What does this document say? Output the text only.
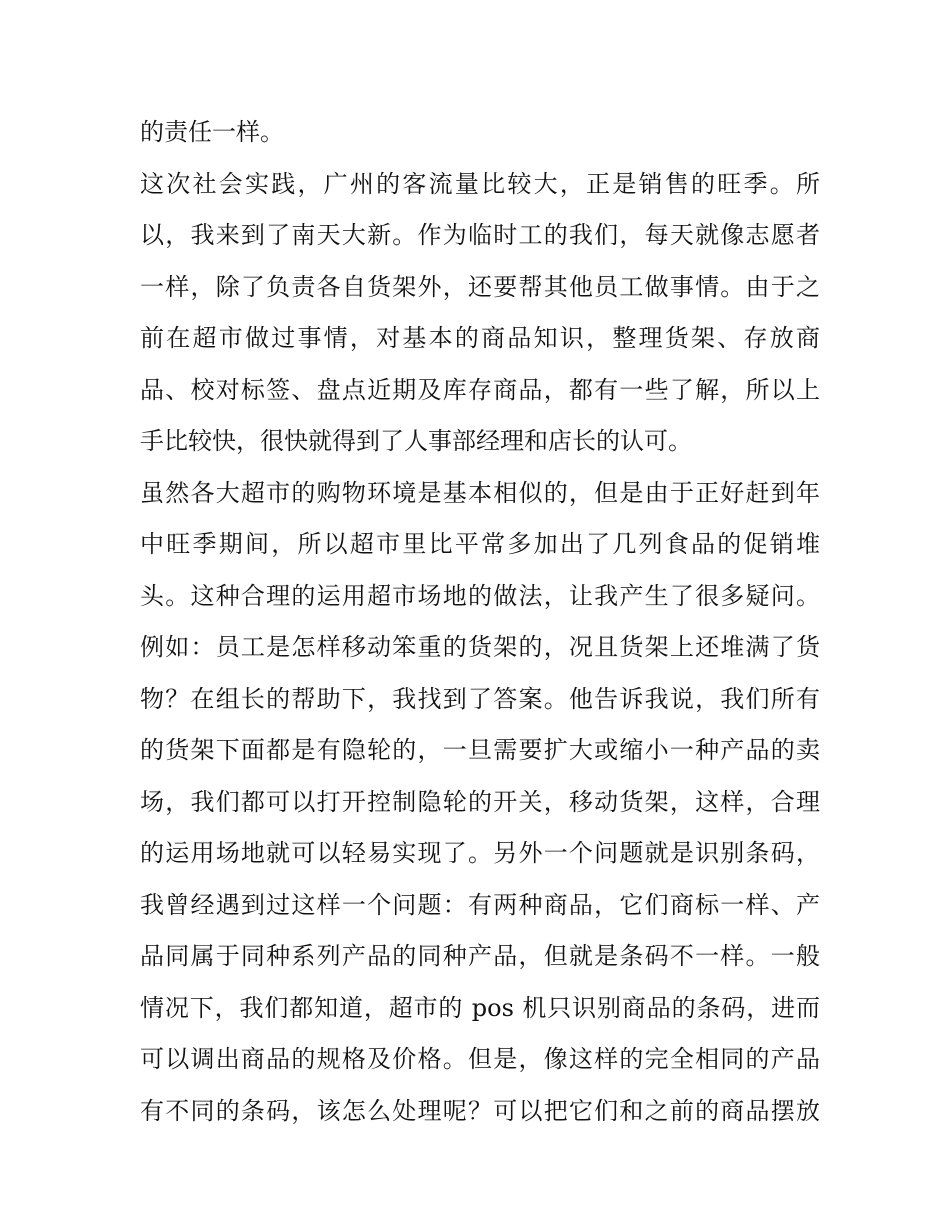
的责任一样。
这次社会实践，广州的客流量比较大，正是销售的旺季。所
以，我来到了南天大新。作为临时工的我们，每天就像志愿者
一样，除了负责各自货架外，还要帮其他员工做事情。由于之
前在超市做过事情，对基本的商品知识，整理货架、存放商
品、校对标签、盘点近期及库存商品，都有一些了解，所以上
手比较快，很快就得到了人事部经理和店长的认可。
虽然各大超市的购物环境是基本相似的，但是由于正好赶到年
中旺季期间，所以超市里比平常多加出了几列食品的促销堆
头。这种合理的运用超市场地的做法，让我产生了很多疑问。
例如：员工是怎样移动笨重的货架的，况且货架上还堆满了货
物？在组长的帮助下，我找到了答案。他告诉我说，我们所有
的货架下面都是有隐轮的，一旦需要扩大或缩小一种产品的卖
场，我们都可以打开控制隐轮的开关，移动货架，这样，合理
的运用场地就可以轻易实现了。另外一个问题就是识别条码，
我曾经遇到过这样一个问题：有两种商品，它们商标一样、产
品同属于同种系列产品的同种产品，但就是条码不一样。一般
情况下，我们都知道，超市的 pos 机只识别商品的条码，进而
可以调出商品的规格及价格。但是，像这样的完全相同的产品
有不同的条码，该怎么处理呢？可以把它们和之前的商品摆放
